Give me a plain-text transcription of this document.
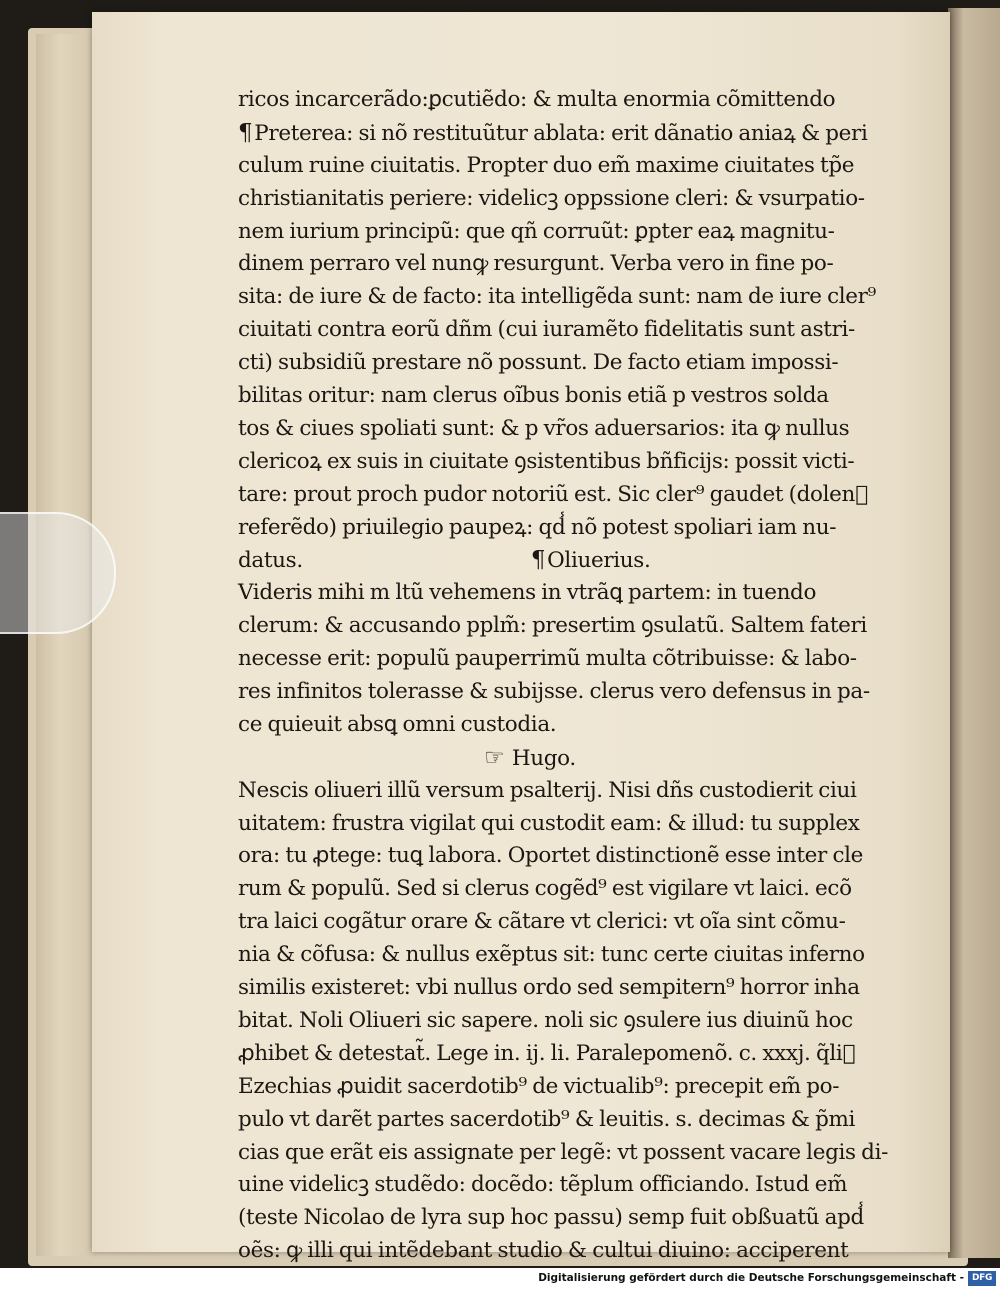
ricos incarcerãdo:ꝑcutiẽdo: & multa enormia cõmittendo
¶Preterea: si nõ restituũtur ablata: erit dãnatio aniaꝝ & peri
culum ruine ciuitatis. Propter duo em̃ maxime ciuitates tp̃e
christianitatis periere: videlicꝫ oppssione cleri: & vsurpatio-
nem iurium principũ: que qñ corruũt: ꝑpter eaꝝ magnitu-
dinem perraro vel nunꝙ resurgunt. Verba vero in fine po-
sita: de iure & de facto: ita intelligẽda sunt: nam de iure cler⁹
ciuitati contra eorũ dñm (cui iuramẽto fidelitatis sunt astri-
cti) subsidiũ prestare nõ possunt. De facto etiam impossi-
bilitas oritur: nam clerus oĩbus bonis etiã p vestros solda
tos & ciues spoliati sunt: & p vr̃os aduersarios: ita ꝙ nullus
clericoꝝ ex suis in ciuitate ꝯsistentibus bñficijs: possit victi-
tare: prout proch pudor notoriũ est. Sic cler⁹ gaudet (dolenᷤ
referẽdo) priuilegio paupeꝝ: qd̾ nõ potest spoliari iam nu-
datus.	¶Oliuerius.
Videris mihi m ltũ vehemens in vtrãꝗ partem: in tuendo
clerum: & accusando pplm̃: presertim ꝯsulatũ. Saltem fateri
necesse erit: populũ pauperrimũ multa cõtribuisse: & labo-
res infinitos tolerasse & subijsse. clerus vero defensus in pa-
ce quieuit absꝗ omni custodia.
☞ Hugo.
Nescis oliueri illũ versum psalterij. Nisi dñs custodierit ciui
uitatem: frustra vigilat qui custodit eam: & illud: tu supplex
ora: tu ꝓtege: tuꝗ labora. Oportet distinctionẽ esse inter cle
rum & populũ. Sed si clerus cogẽd⁹ est vigilare vt laici. ecõ
tra laici cogãtur orare & cãtare vt clerici: vt oĩa sint cõmu-
nia & cõfusa: & nullus exẽptus sit: tunc certe ciuitas inferno
similis existeret: vbi nullus ordo sed sempitern⁹ horror inha
bitat. Noli Oliueri sic sapere. noli sic ꝯsulere ius diuinũ hoc
ꝓhibet & detestat̃. Lege in. ij. li. Paralepomenõ. c. xxxj. q̃liᷤ
Ezechias ꝓuidit sacerdotib⁹ de victualib⁹: precepit em̃ po-
pulo vt darẽt partes sacerdotib⁹ & leuitis. s. decimas & p̃mi
cias que erãt eis assignate per legẽ: vt possent vacare legis di-
uine videlicꝫ studẽdo: docẽdo: tẽplum officiando. Istud em̃
(teste Nicolao de lyra sup hoc passu) semp fuit obßuatũ apd̾
oẽs: ꝙ illi qui intẽdebant studio & cultui diuino: acciperent
Digitalisierung gefördert durch die Deutsche Forschungsgemeinschaft - DFG
